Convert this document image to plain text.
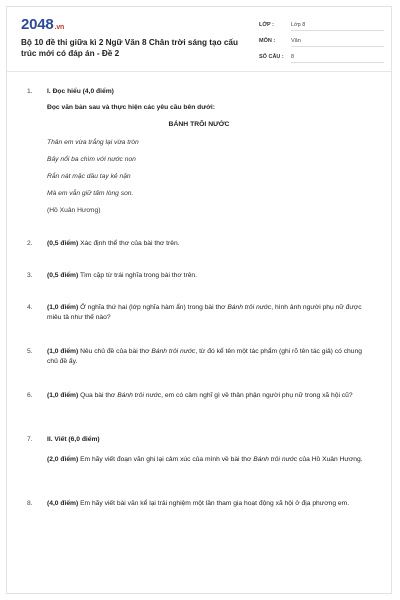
2048.vn
Bộ 10 đề thi giữa kì 2 Ngữ Văn 8 Chân trời sáng tạo cấu trúc mới có đáp án - Đề 2
LỚP :	Lớp 8
MÔN :	Văn
SỐ CÂU : 8
1. I. Đọc hiểu (4,0 điểm)
Đọc văn bản sau và thực hiện các yêu cầu bên dưới:
BÁNH TRÔI NƯỚC
Thân em vừa trắng lại vừa tròn
Bảy nổi ba chìm với nước non
Rắn nát mặc dầu tay kẻ nặn
Mà em vẫn giữ tấm lòng son.
(Hồ Xuân Hương)
2. (0,5 điểm) Xác định thể thơ của bài thơ trên.
3. (0,5 điểm) Tìm cặp từ trái nghĩa trong bài thơ trên.
4. (1,0 điểm) Ở nghĩa thứ hai (lớp nghĩa hàm ẩn) trong bài thơ Bánh trôi nước, hình ảnh người phụ nữ được miêu tả như thế nào?
5. (1,0 điểm) Nêu chủ đề của bài thơ Bánh trôi nước, từ đó kể tên một tác phẩm (ghi rõ tên tác giả) có chung chủ đề ấy.
6. (1,0 điểm) Qua bài thơ Bánh trôi nước, em có cảm nghĩ gì về thân phận người phụ nữ trong xã hội cũ?
7. II. Viết (6,0 điểm)
(2,0 điểm) Em hãy viết đoạn văn ghi lại cảm xúc của mình về bài thơ Bánh trôi nước của Hồ Xuân Hương.
8. (4,0 điểm) Em hãy viết bài văn kể lại trải nghiệm một lần tham gia hoạt động xã hội ở địa phương em.
